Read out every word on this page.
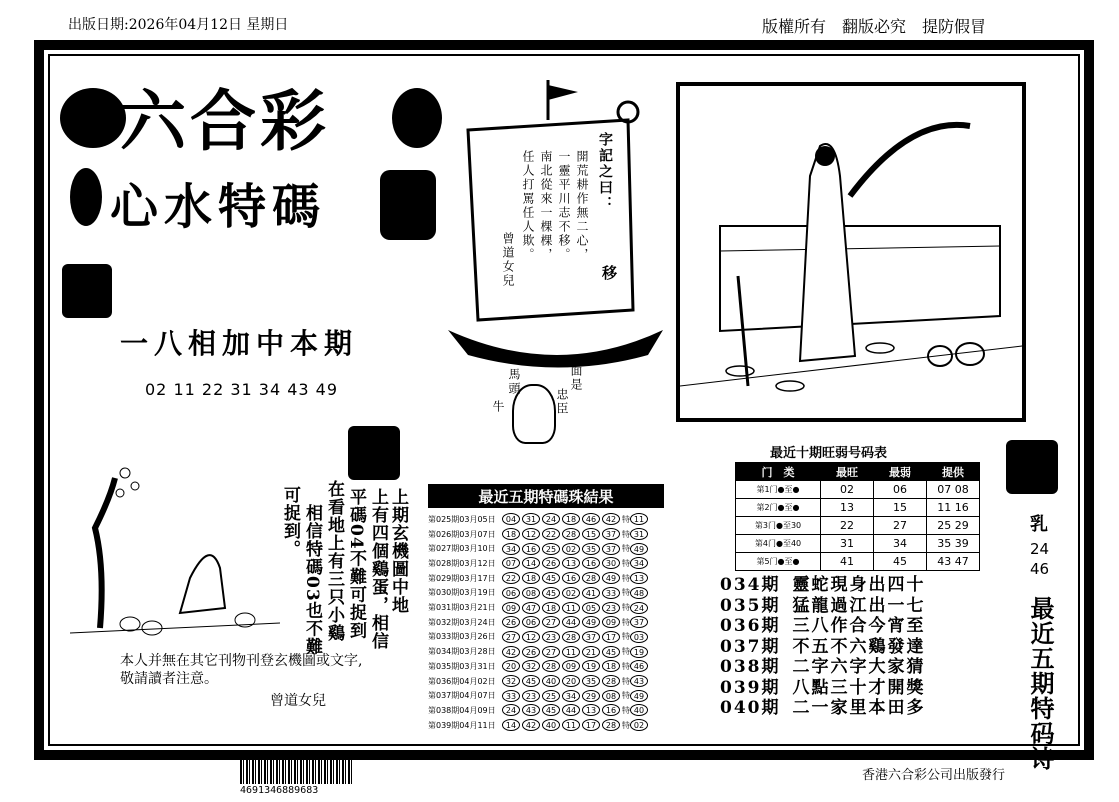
出版日期:2026年04月12日 星期日	版權所有　翻版必究　提防假冒
六合彩
心水特碼
一八相加中本期
02 11 22 31 34 43 49
字記之曰：
移
開荒耕作無二心，
一靈平川志不移。
南北從來一棵棵，
任人打罵任人欺。
曾道女兒
馬頭
牛
面是
忠臣
上期玄機圖中地
上有四個鷄蛋，相信
平碼04不難可捉到
在看地上有三只小鷄
相信特碼03也不難
可捉到。
本人并無在其它刊物刊登玄機圖或文字,
敬請讀者注意。
曾道女兒
最近五期特碼珠結果
第025期03月05日	04	31	24	18	46	42 特 11
第026期03月07日	18	12	22	28	15	37 特 31
第027期03月10日	34	16	25	02	35	37 特 49
第028期03月12日	07	14	26	13	16	30 特 34
第029期03月17日	22	18	45	16	28	49 特 13
第030期03月19日	06	08	45	02	41	33 特 48
第031期03月21日	09	47	18	11	05	23 特 24
第032期03月24日	26	06	27	44	49	09 特 37
第033期03月26日	27	12	23	28	37	17 特 03
第034期03月28日	42	26	27	11	21	45 特 19
第035期03月31日	20	32	28	09	19	18 特 46
第036期04月02日	32	45	40	20	35	28 特 43
第037期04月07日	33	23	25	34	29	08 特 49
第038期04月09日	24	43	45	44	13	16 特 40
第039期04月11日	14	42	40	11	17	28 特 02
最近十期旺弱号码表
门　类	最旺	最弱	提供
第1门●至●	02	06	07 08
第2门●至●	13	15	11 16
第3门●至30	22	27	25 29
第4门●至40	31	34	35 39
第5门●至●	41	45	43 47
乳
24
46
最近五期特码诗
034期 靈蛇現身出四十
035期 猛龍過江出一七
036期 三八作合今宵至
037期 不五不六鷄發達
038期 二字六字大家猜
039期 八點三十才開獎
040期 二一家里本田多
4691346889683
香港六合彩公司出版發行
